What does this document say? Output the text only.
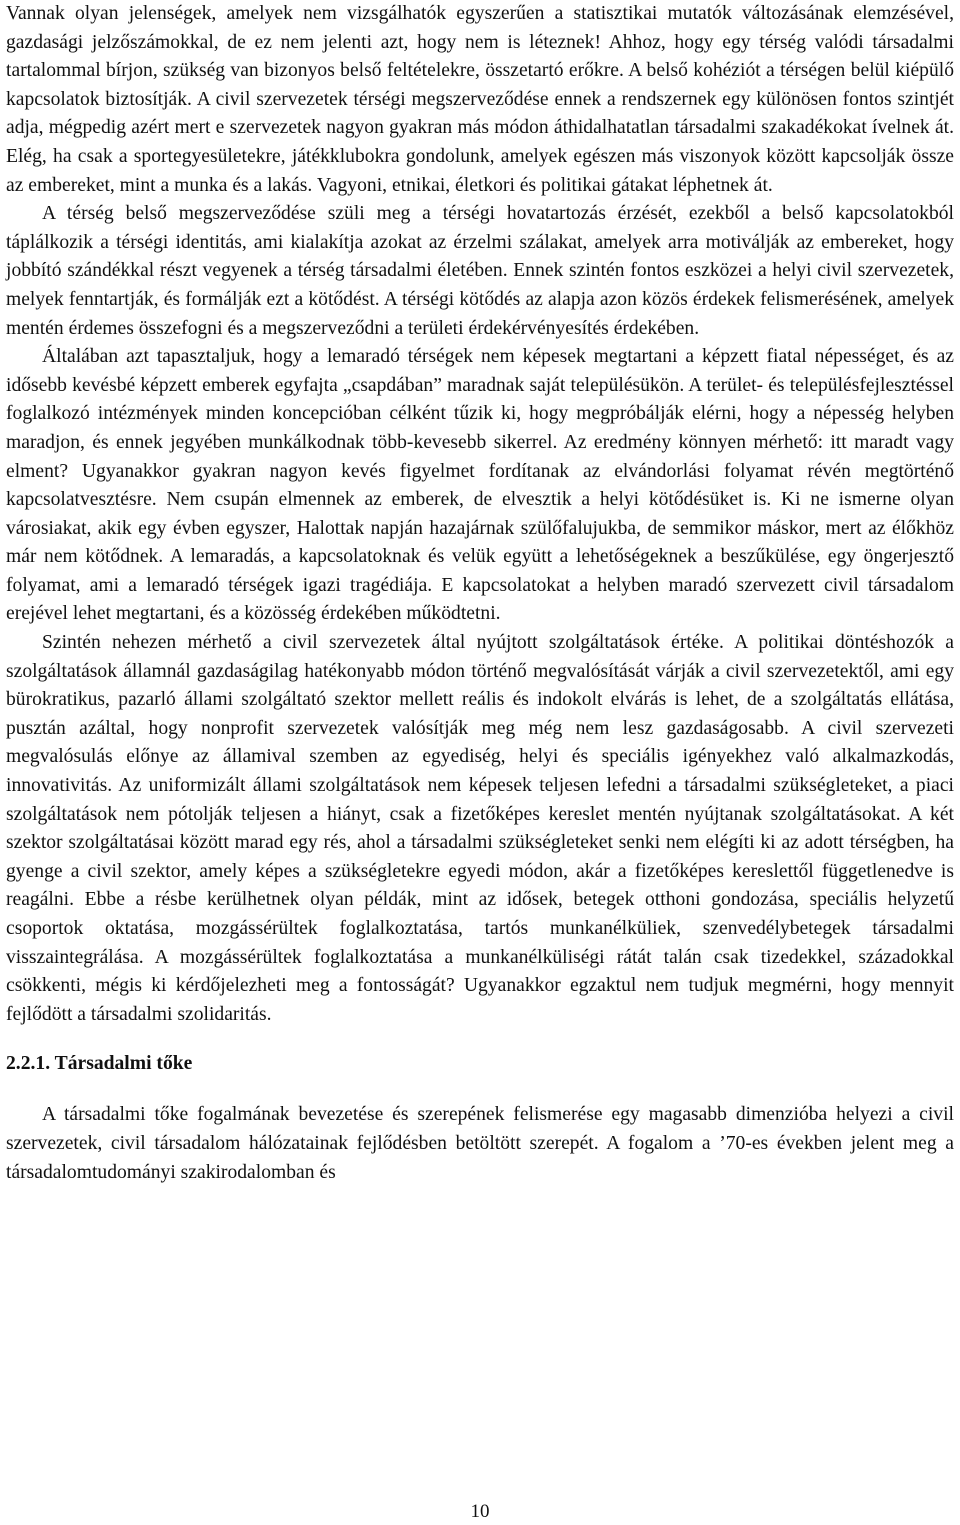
Vannak olyan jelenségek, amelyek nem vizsgálhatók egyszerűen a statisztikai mutatók változásának elemzésével, gazdasági jelzőszámokkal, de ez nem jelenti azt, hogy nem is léteznek! Ahhoz, hogy egy térség valódi társadalmi tartalommal bírjon, szükség van bizonyos belső feltételekre, összetartó erőkre. A belső kohéziót a térségen belül kiépülő kapcsolatok biztosítják. A civil szervezetek térségi megszerveződése ennek a rendszernek egy különösen fontos szintjét adja, mégpedig azért mert e szervezetek nagyon gyakran más módon áthidalhatatlan társadalmi szakadékokat ívelnek át. Elég, ha csak a sportegyesületekre, játékklubokra gondolunk, amelyek egészen más viszonyok között kapcsolják össze az embereket, mint a munka és a lakás. Vagyoni, etnikai, életkori és politikai gátakat léphetnek át.

A térség belső megszerveződése szüli meg a térségi hovatartozás érzését, ezekből a belső kapcsolatokból táplálkozik a térségi identitás, ami kialakítja azokat az érzelmi szálakat, amelyek arra motiválják az embereket, hogy jobbító szándékkal részt vegyenek a térség társadalmi életében. Ennek szintén fontos eszközei a helyi civil szervezetek, melyek fenntartják, és formálják ezt a kötődést. A térségi kötődés az alapja azon közös érdekek felismerésének, amelyek mentén érdemes összefogni és a megszerveződni a területi érdekérvényesítés érdekében.

Általában azt tapasztaljuk, hogy a lemaradó térségek nem képesek megtartani a képzett fiatal népességet, és az idősebb kevésbé képzett emberek egyfajta „csapdában” maradnak saját településükön. A terület- és településfejlesztéssel foglalkozó intézmények minden koncepcióban célként tűzik ki, hogy megpróbálják elérni, hogy a népesség helyben maradjon, és ennek jegyében munkálkodnak több-kevesebb sikerrel. Az eredmény könnyen mérhető: itt maradt vagy elment? Ugyanakkor gyakran nagyon kevés figyelmet fordítanak az elvándorlási folyamat révén megtörténő kapcsolatvesztésre. Nem csupán elmennek az emberek, de elvesztik a helyi kötődésüket is. Ki ne ismerne olyan városiakat, akik egy évben egyszer, Halottak napján hazajárnak szülőfalujukba, de semmikor máskor, mert az élőkhöz már nem kötődnek. A lemaradás, a kapcsolatoknak és velük együtt a lehetőségeknek a beszűkülése, egy öngerjesztő folyamat, ami a lemaradó térségek igazi tragédiája. E kapcsolatokat a helyben maradó szervezett civil társadalom erejével lehet megtartani, és a közösség érdekében működtetni.

Szintén nehezen mérhető a civil szervezetek által nyújtott szolgáltatások értéke. A politikai döntéshozók a szolgáltatások államnál gazdaságilag hatékonyabb módon történő megvalósítását várják a civil szervezetektől, ami egy bürokratikus, pazarló állami szolgáltató szektor mellett reális és indokolt elvárás is lehet, de a szolgáltatás ellátása, pusztán azáltal, hogy nonprofit szervezetek valósítják meg még nem lesz gazdaságosabb. A civil szervezeti megvalósulás előnye az államival szemben az egyediség, helyi és speciális igényekhez való alkalmazkodás, innovativitás. Az uniformizált állami szolgáltatások nem képesek teljesen lefedni a társadalmi szükségleteket, a piaci szolgáltatások nem pótolják teljesen a hiányt, csak a fizetőképes kereslet mentén nyújtanak szolgáltatásokat. A két szektor szolgáltatásai között marad egy rés, ahol a társadalmi szükségleteket senki nem elégíti ki az adott térségben, ha gyenge a civil szektor, amely képes a szükségletekre egyedi módon, akár a fizetőképes kereslettől függetlenedve is reagálni. Ebbe a résbe kerülhetnek olyan példák, mint az idősek, betegek otthoni gondozása, speciális helyzetű csoportok oktatása, mozgássérültek foglalkoztatása, tartós munkanélküliek, szenvedélybetegek társadalmi visszaintegrálása. A mozgássérültek foglalkoztatása a munkanélküliségi rátát talán csak tizedekkel, századokkal csökkenti, mégis ki kérdőjelezheti meg a fontosságát? Ugyanakkor egzaktul nem tudjuk megmérni, hogy mennyit fejlődött a társadalmi szolidaritás.

2.2.1. Társadalmi tőke

A társadalmi tőke fogalmának bevezetése és szerepének felismerése egy magasabb dimenzióba helyezi a civil szervezetek, civil társadalom hálózatainak fejlődésben betöltött szerepét. A fogalom a ’70-es években jelent meg a társadalomtudományi szakirodalomban és

10
